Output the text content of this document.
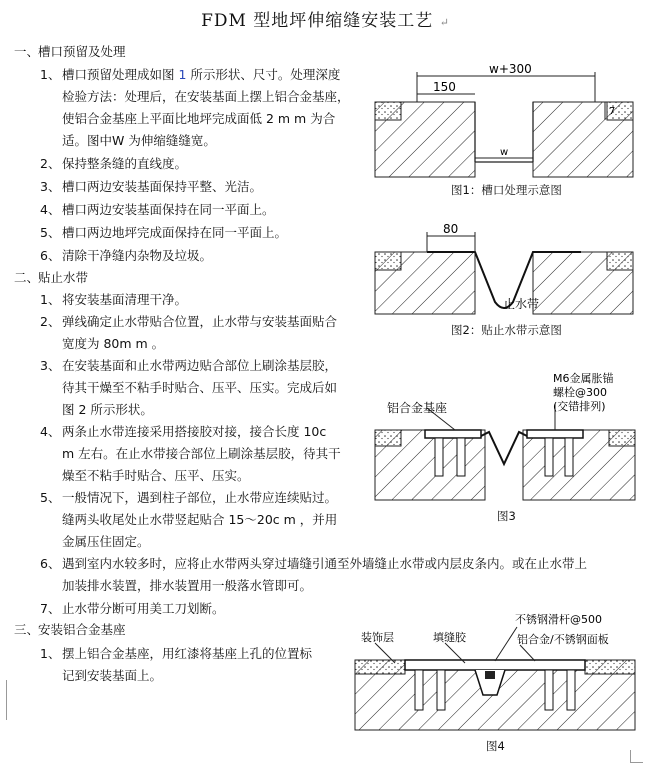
FDM 型地坪伸缩缝安装工艺 ↵
一、
槽口预留及处理
1、 槽口预留处理成如图 1 所示形状、尺寸。处理深度
检验方法：处理后，在安装基面上摆上铝合金基座，
使铝合金基座上平面比地坪完成面低 2 m m 为合
适。图中W 为伸缩缝缝宽。
2、 保持整条缝的直线度。
3、 槽口两边安装基面保持平整、光洁。
4、 槽口两边安装基面保持在同一平面上。
5、 槽口两边地坪完成面保持在同一平面上。
6、 清除干净缝内杂物及垃圾。
二、
贴止水带
1、 将安装基面清理干净。
2、 弹线确定止水带贴合位置，止水带与安装基面贴合
宽度为 80m m 。
3、 在安装基面和止水带两边贴合部位上刷涂基层胶，
待其干燥至不粘手时贴合、压平、压实。完成后如
图 2 所示形状。
4、 两条止水带连接采用搭接胶对接，接合长度 10c
m 左右。在止水带接合部位上刷涂基层胶，待其干
燥至不粘手时贴合、压平、压实。
5、 一般情况下，遇到柱子部位，止水带应连续贴过。
缝两头收尾处止水带竖起贴合 15～20c m ，并用
金属压住固定。
6、 遇到室内水较多时，应将止水带两头穿过墙缝引通至外墙缝止水带或内层皮条内。或在止水带上
加装排水装置，排水装置用一般落水管即可。
7、 止水带分断可用美工刀划断。
三、
安装铝合金基座
1、 摆上铝合金基座，用红漆将基座上孔的位置标
记到安装基面上。
w+300
150
w
7
图1：槽口处理示意图
80
止水带
图2：贴止水带示意图
铝合金基座
M6金属胀锚
螺栓@300
(交错排列)
图3
不锈钢滑杆@500
装饰层	填缝胶	铝合金/不锈钢面板
图4
